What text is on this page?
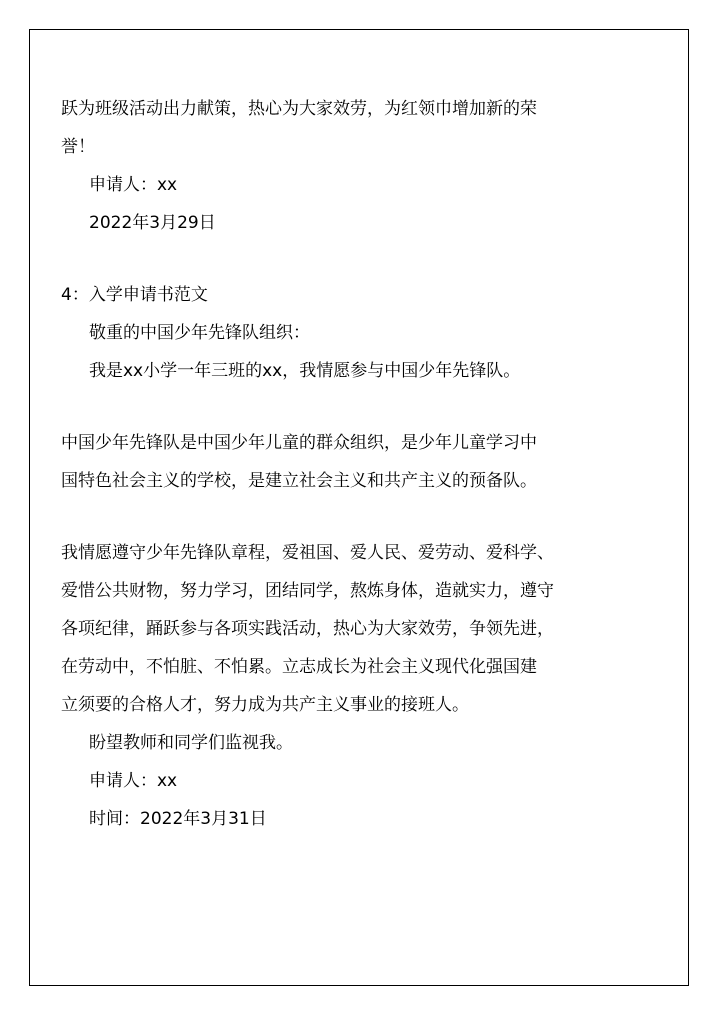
跃为班级活动出力献策，热心为大家效劳，为红领巾增加新的荣
誉！
申请人：xx
2022年3月29日
4：入学申请书范文
敬重的中国少年先锋队组织：
我是xx小学一年三班的xx，我情愿参与中国少年先锋队。
中国少年先锋队是中国少年儿童的群众组织，是少年儿童学习中
国特色社会主义的学校，是建立社会主义和共产主义的预备队。
我情愿遵守少年先锋队章程，爱祖国、爱人民、爱劳动、爱科学、
爱惜公共财物，努力学习，团结同学，熬炼身体，造就实力，遵守
各项纪律，踊跃参与各项实践活动，热心为大家效劳，争领先进，
在劳动中，不怕脏、不怕累。立志成长为社会主义现代化强国建
立须要的合格人才，努力成为共产主义事业的接班人。
盼望教师和同学们监视我。
申请人：xx
时间：2022年3月31日
